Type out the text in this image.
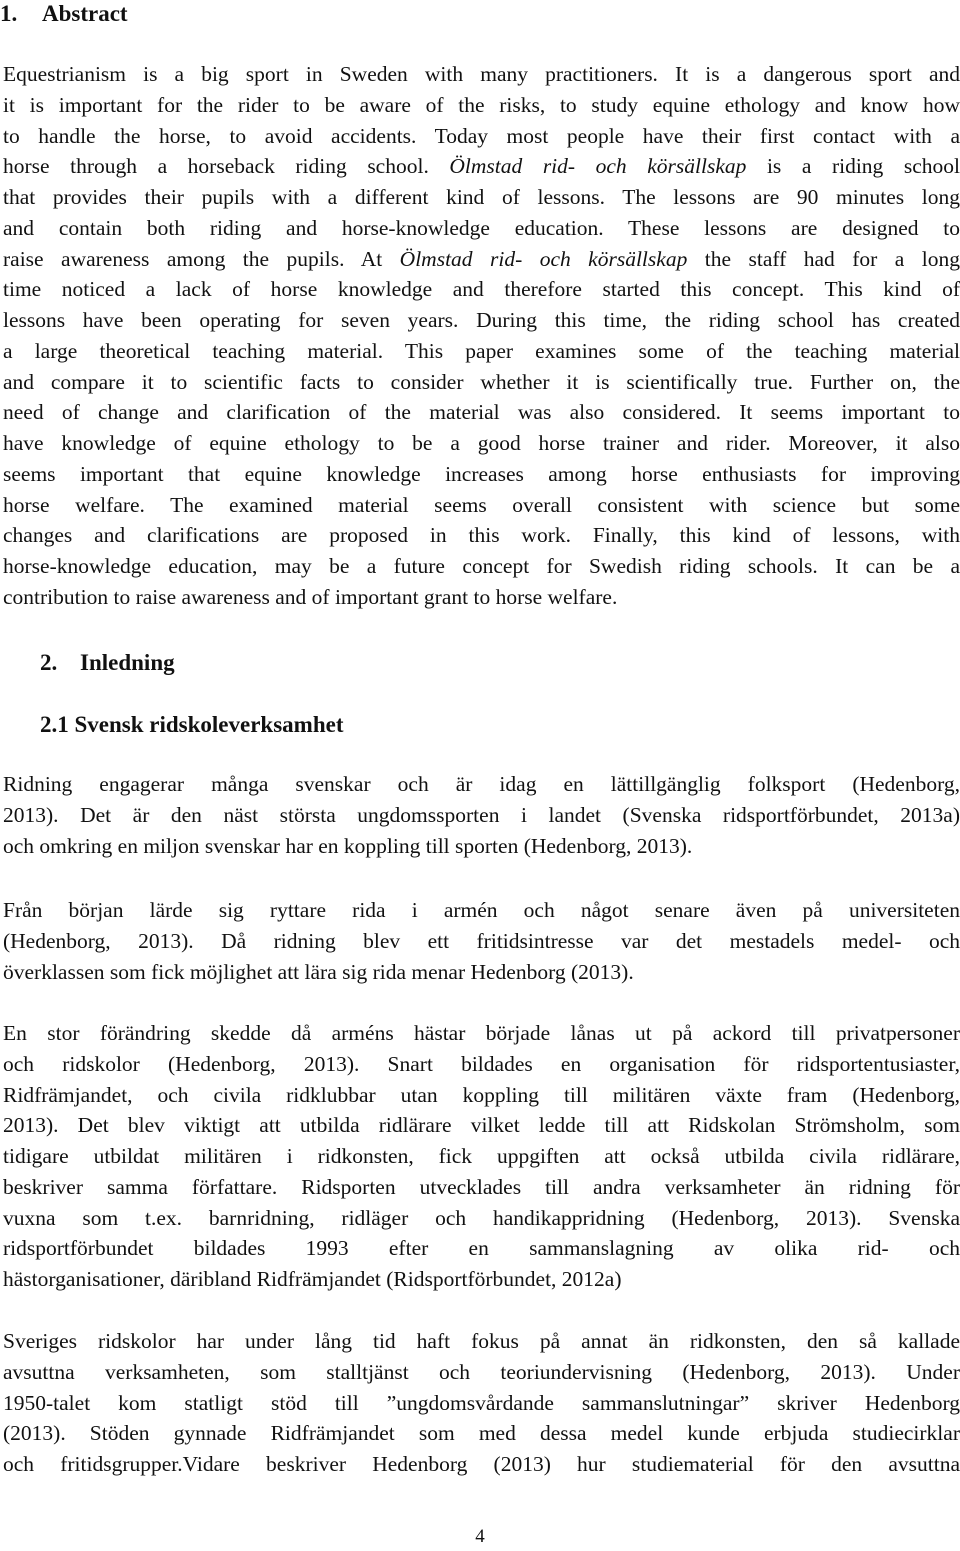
1. Abstract
Equestrianism is a big sport in Sweden with many practitioners. It is a dangerous sport and
it is important for the rider to be aware of the risks, to study equine ethology and know how
to handle the horse, to avoid accidents. Today most people have their first contact with a
horse through a horseback riding school. Ölmstad rid- och körsällskap is a riding school
that provides their pupils with a different kind of lessons. The lessons are 90 minutes long
and contain both riding and horse-knowledge education. These lessons are designed to
raise awareness among the pupils. At Ölmstad rid- och körsällskap the staff had for a long
time noticed a lack of horse knowledge and therefore started this concept. This kind of
lessons have been operating for seven years. During this time, the riding school has created
a large theoretical teaching material. This paper examines some of the teaching material
and compare it to scientific facts to consider whether it is scientifically true. Further on, the
need of change and clarification of the material was also considered. It seems important to
have knowledge of equine ethology to be a good horse trainer and rider. Moreover, it also
seems important that equine knowledge increases among horse enthusiasts for improving
horse welfare. The examined material seems overall consistent with science but some
changes and clarifications are proposed in this work. Finally, this kind of lessons, with
horse-knowledge education, may be a future concept for Swedish riding schools. It can be a
contribution to raise awareness and of important grant to horse welfare.
2. Inledning
2.1 Svensk ridskoleverksamhet
Ridning engagerar många svenskar och är idag en lättillgänglig folksport (Hedenborg,
2013). Det är den näst största ungdomssporten i landet (Svenska ridsportförbundet, 2013a)
och omkring en miljon svenskar har en koppling till sporten (Hedenborg, 2013).
Från början lärde sig ryttare rida i armén och något senare även på universiteten
(Hedenborg, 2013). Då ridning blev ett fritidsintresse var det mestadels medel- och
överklassen som fick möjlighet att lära sig rida menar Hedenborg (2013).
En stor förändring skedde då arméns hästar började lånas ut på ackord till privatpersoner
och ridskolor (Hedenborg, 2013). Snart bildades en organisation för ridsportentusiaster,
Ridfrämjandet, och civila ridklubbar utan koppling till militären växte fram (Hedenborg,
2013). Det blev viktigt att utbilda ridlärare vilket ledde till att Ridskolan Strömsholm, som
tidigare utbildat militären i ridkonsten, fick uppgiften att också utbilda civila ridlärare,
beskriver samma författare. Ridsporten utvecklades till andra verksamheter än ridning för
vuxna som t.ex. barnridning, ridläger och handikappridning (Hedenborg, 2013). Svenska
ridsportförbundet bildades 1993 efter en sammanslagning av olika rid- och
hästorganisationer, däribland Ridfrämjandet (Ridsportförbundet, 2012a)
Sveriges ridskolor har under lång tid haft fokus på annat än ridkonsten, den så kallade
avsuttna verksamheten, som stalltjänst och teoriundervisning (Hedenborg, 2013). Under
1950-talet kom statligt stöd till ”ungdomsvårdande sammanslutningar” skriver Hedenborg
(2013). Stöden gynnade Ridfrämjandet som med dessa medel kunde erbjuda studiecirklar
och fritidsgrupper.Vidare beskriver Hedenborg (2013) hur studiematerial för den avsuttna
4
